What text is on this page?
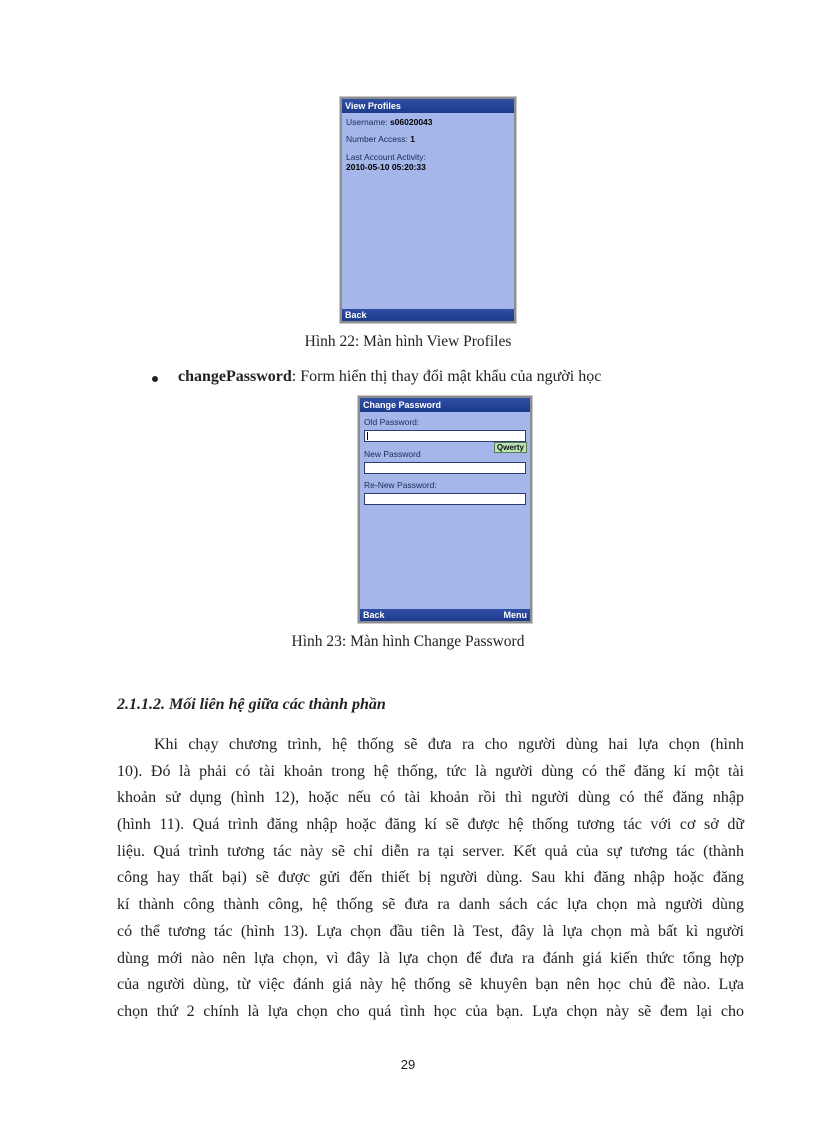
View Profiles
Username: s06020043
Number Access: 1
Last Account Activity:
2010-05-10 05:20:33
Back
Hình 22: Màn hình View Profiles
changePassword: Form hiển thị thay đổi mật khẩu của người học
Change Password
Old Password:
Qwerty
New Password
Re-New Password:
Back	Menu
Hình 23: Màn hình Change Password
2.1.1.2. Mối liên hệ giữa các thành phần
Khi chạy chương trình, hệ thống sẽ đưa ra cho người dùng hai lựa chọn (hình
10). Đó là phải có tài khoản trong hệ thống, tức là người dùng có thể đăng kí một tài
khoản sử dụng (hình 12), hoặc nếu có tài khoản rồi thì người dùng có thể đăng nhập
(hình 11). Quá trình đăng nhập hoặc đăng kí sẽ được hệ thống tương tác với cơ sở dữ
liệu. Quá trình tương tác này sẽ chỉ diễn ra tại server. Kết quả của sự tương tác (thành
công hay thất bại) sẽ được gửi đến thiết bị người dùng. Sau khi đăng nhập hoặc đăng
kí thành công thành công, hệ thống sẽ đưa ra danh sách các lựa chọn mà người dùng
có thể tương tác (hình 13). Lựa chọn đầu tiên là Test, đây là lựa chọn mà bất kì người
dùng mới nào nên lựa chọn, vì đây là lựa chọn để đưa ra đánh giá kiến thức tổng hợp
của người dùng, từ việc đánh giá này hệ thống sẽ khuyên bạn nên học chủ đề nào. Lựa
chọn thứ 2 chính là lựa chọn cho quá tình học của bạn. Lựa chọn này sẽ đem lại cho
29
